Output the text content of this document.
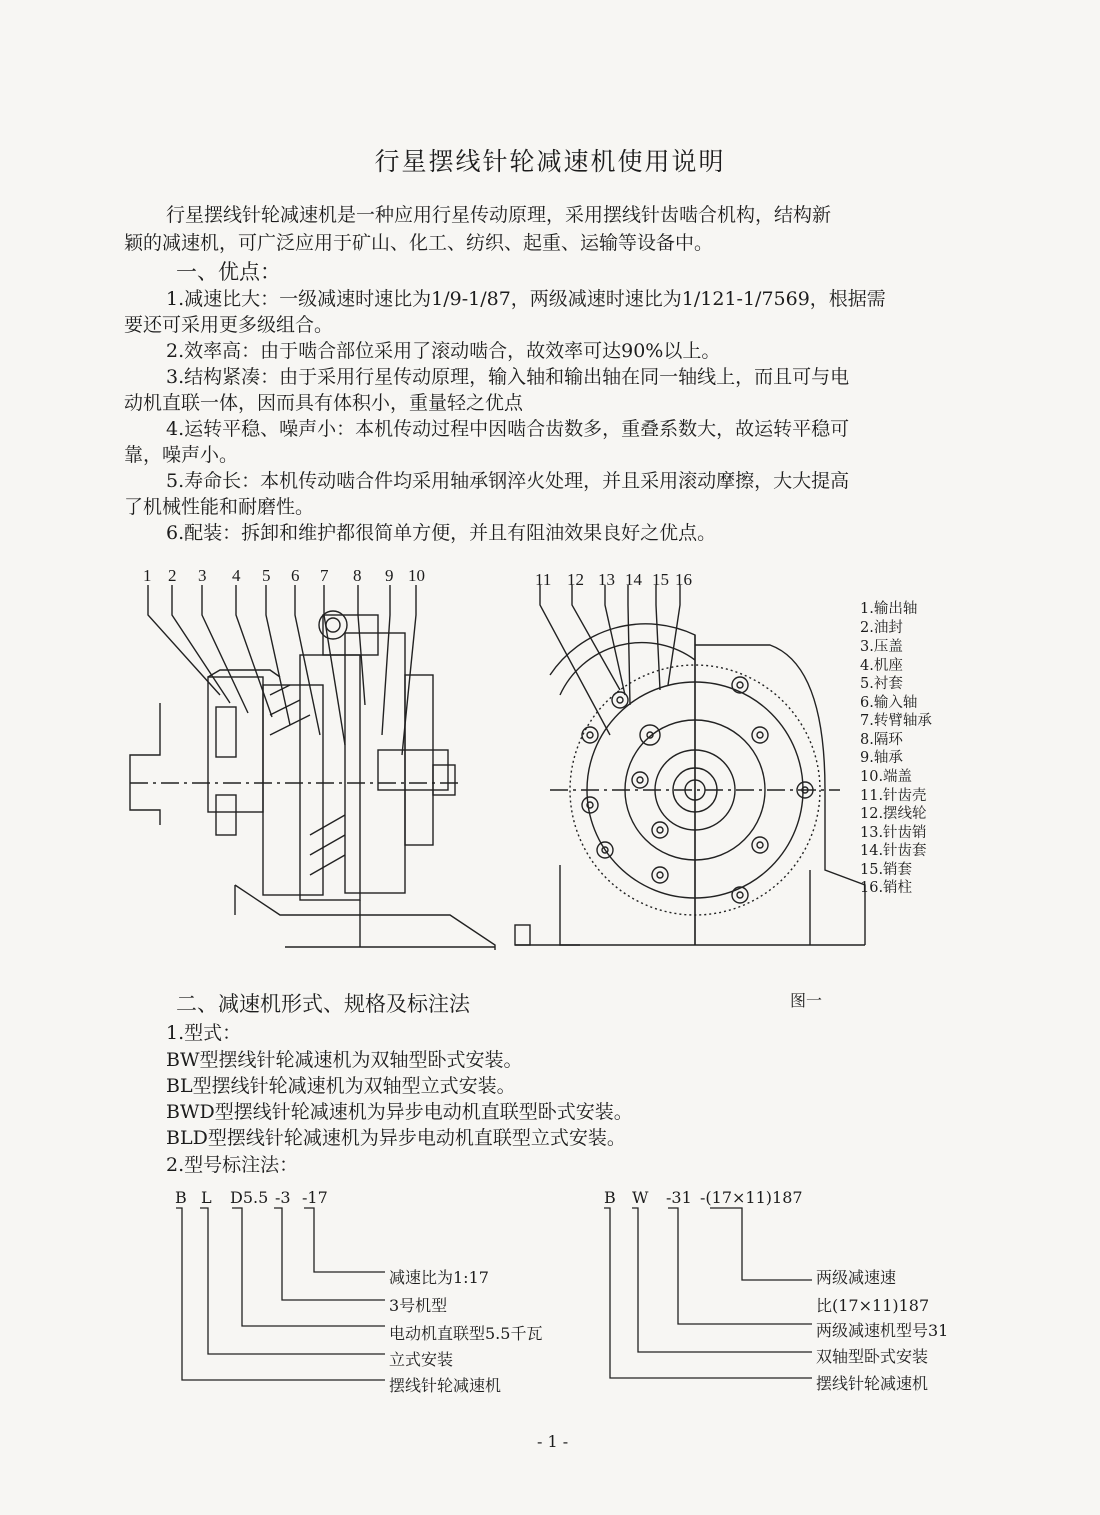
行星摆线针轮减速机使用说明
行星摆线针轮减速机是一种应用行星传动原理，采用摆线针齿啮合机构，结构新
颖的减速机，可广泛应用于矿山、化工、纺织、起重、运输等设备中。
一、优点：
1.减速比大：一级减速时速比为1/9-1/87，两级减速时速比为1/121-1/7569，根据需
要还可采用更多级组合。
2.效率高：由于啮合部位采用了滚动啮合，故效率可达90%以上。
3.结构紧凑：由于采用行星传动原理，输入轴和输出轴在同一轴线上，而且可与电
动机直联一体，因而具有体积小，重量轻之优点
4.运转平稳、噪声小：本机传动过程中因啮合齿数多，重叠系数大，故运转平稳可
靠，噪声小。
5.寿命长：本机传动啮合件均采用轴承钢淬火处理，并且采用滚动摩擦，大大提高
了机械性能和耐磨性。
6.配装：拆卸和维护都很简单方便，并且有阻油效果良好之优点。
1 2 3 4 5 6 7 8 9 10	11 12 13 14 15 16
1.输出轴
2.油封
3.压盖
4.机座
5.衬套
6.输入轴
7.转臂轴承
8.隔环
9.轴承
10.端盖
11.针齿壳
12.摆线轮
13.针齿销
14.针齿套
15.销套
16.销柱
二、减速机形式、规格及标注法	图一
1.型式：
BW型摆线针轮减速机为双轴型卧式安装。
BL型摆线针轮减速机为双轴型立式安装。
BWD型摆线针轮减速机为异步电动机直联型卧式安装。
BLD型摆线针轮减速机为异步电动机直联型立式安装。
2.型号标注法：
B L D5.5 -3 -17
减速比为1:17
3号机型
电动机直联型5.5千瓦
立式安装
摆线针轮减速机
B W -31 -(17×11)187
两级减速速
比(17×11)187
两级减速机型号31
双轴型卧式安装
摆线针轮减速机
- 1 -
